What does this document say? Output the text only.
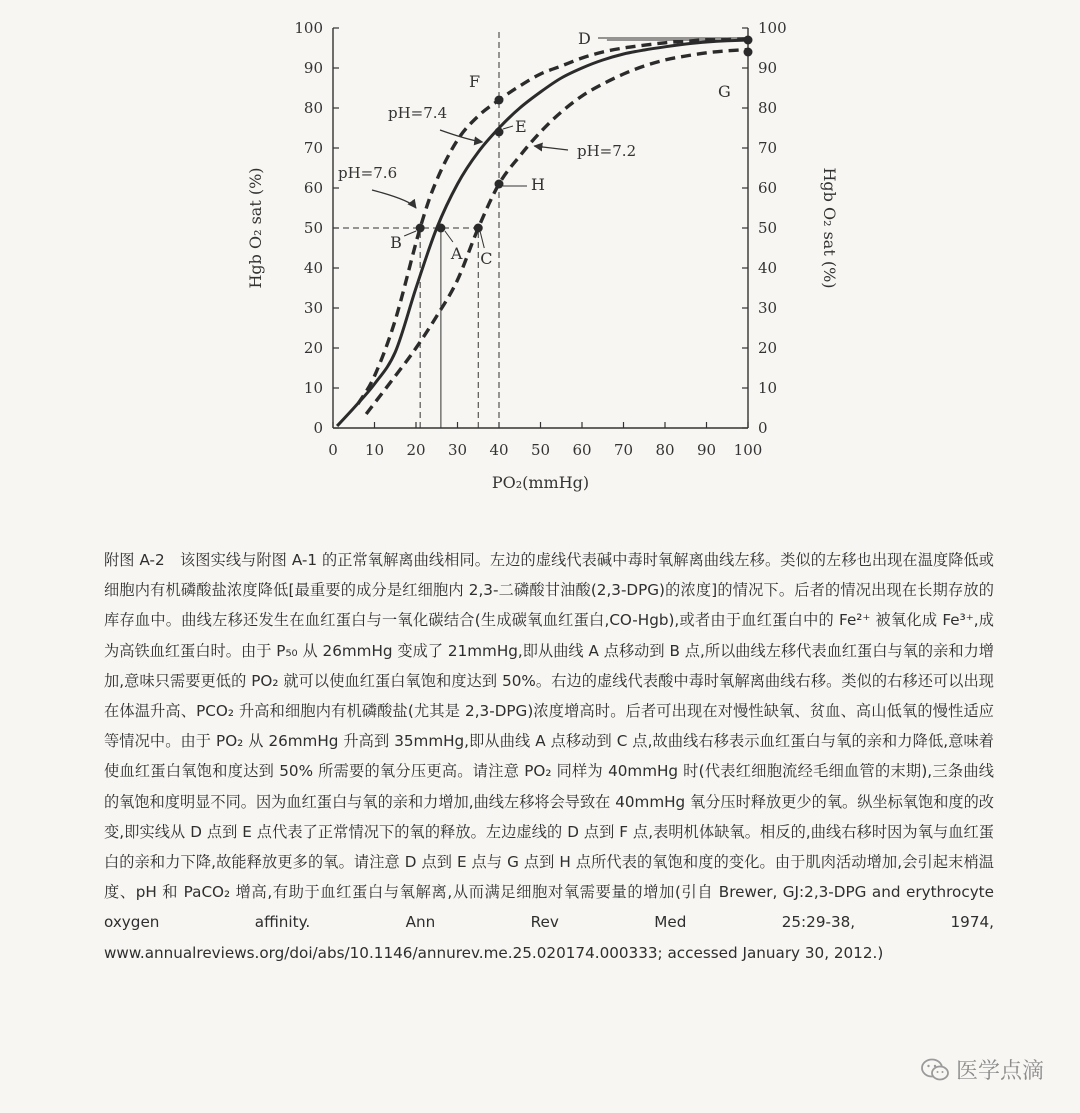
0 10 20 30 40 50 60 70 80 90 100
0	0
10	10
20	20
30	30
40	40
50	50
60	60
70	70
80	80
90	90
100	100
PO₂(mmHg)
Hgb O₂ sat (%)	Hgb O₂ sat (%)
A
B
C
D
E
F
G
H
pH=7.4
pH=7.6
pH=7.2

附图 A-2　该图实线与附图 A-1 的正常氧解离曲线相同。左边的虚线代表碱中毒时氧解离曲线左移。类似的左移也出现在温度降低或细胞内有机磷酸盐浓度降低[最重要的成分是红细胞内 2,3-二磷酸甘油酸(2,3-DPG)的浓度]的情况下。后者的情况出现在长期存放的库存血中。曲线左移还发生在血红蛋白与一氧化碳结合(生成碳氧血红蛋白,CO-Hgb),或者由于血红蛋白中的 Fe²⁺ 被氧化成 Fe³⁺,成为高铁血红蛋白时。由于 P₅₀ 从 26mmHg 变成了 21mmHg,即从曲线 A 点移动到 B 点,所以曲线左移代表血红蛋白与氧的亲和力增加,意味只需要更低的 PO₂ 就可以使血红蛋白氧饱和度达到 50%。右边的虚线代表酸中毒时氧解离曲线右移。类似的右移还可以出现在体温升高、PCO₂ 升高和细胞内有机磷酸盐(尤其是 2,3-DPG)浓度增高时。后者可出现在对慢性缺氧、贫血、高山低氧的慢性适应等情况中。由于 PO₂ 从 26mmHg 升高到 35mmHg,即从曲线 A 点移动到 C 点,故曲线右移表示血红蛋白与氧的亲和力降低,意味着使血红蛋白氧饱和度达到 50% 所需要的氧分压更高。请注意 PO₂ 同样为 40mmHg 时(代表红细胞流经毛细血管的末期),三条曲线的氧饱和度明显不同。因为血红蛋白与氧的亲和力增加,曲线左移将会导致在 40mmHg 氧分压时释放更少的氧。纵坐标氧饱和度的改变,即实线从 D 点到 E 点代表了正常情况下的氧的释放。左边虚线的 D 点到 F 点,表明机体缺氧。相反的,曲线右移时因为氧与血红蛋白的亲和力下降,故能释放更多的氧。请注意 D 点到 E 点与 G 点到 H 点所代表的氧饱和度的变化。由于肌肉活动增加,会引起末梢温度、pH 和 PaCO₂ 增高,有助于血红蛋白与氧解离,从而满足细胞对氧需要量的增加(引自 Brewer, GJ:2,3-DPG and erythrocyte oxygen affinity. Ann Rev Med 25:29-38, 1974, www.annualreviews.org/doi/abs/10.1146/annurev.me.25.020174.000333; accessed January 30, 2012.)

医学点滴
